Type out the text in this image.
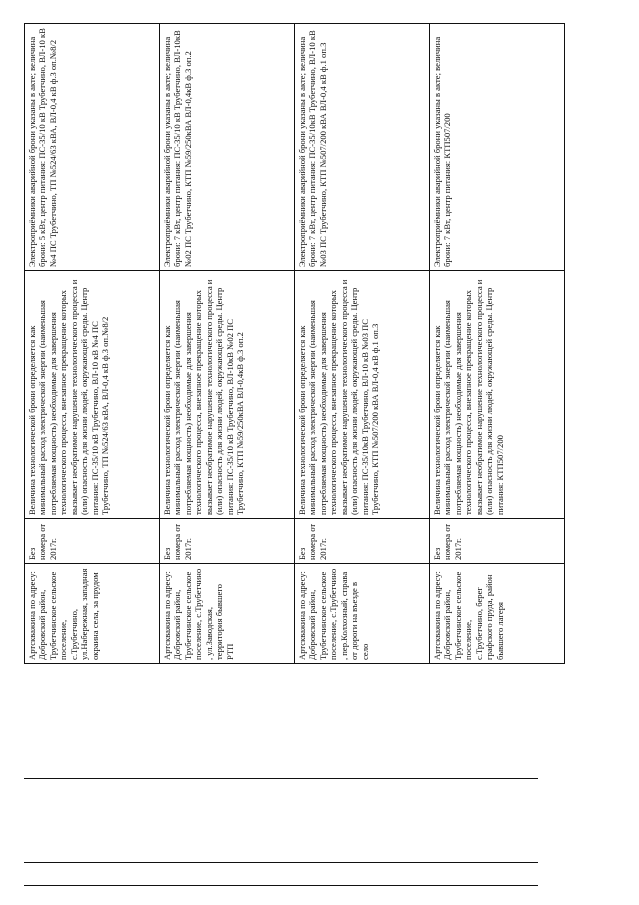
Артскважина по адресу: Добровский район, Трубетчинское сельское поселение, с.Трубетчино, ул.Набережная, западная окраина села, за прудом	Без номера от 2017г.	Величина технологической брони определяется как минимальный расход электрической энергии (наименьшая потребляемая мощность) необходимые для завершения технологического процесса, внезапное прекращение которых вызывает необратимое нарушение технологического процесса и (или) опасность для жизни людей, окружающей среды. Центр питания: ПС-35/10 кВ Трубетчино, ВЛ-10 кВ №4 ПС Трубетчино, ТП №524/63 кВА, ВЛ-0,4 кВ ф.3 оп.№8/2	Электроприёмники аварийной брони указаны в акте; величина брони: 5 кВт, центр питания: ПС-35/10 кВ Трубетчино, ВЛ-10 кВ №4 ПС Трубетчино, ТП №524/63 кВА, ВЛ-0,4 кВ ф.3 оп.№8/2
Артскважина по адресу: Добровский район, Трубетчинское сельское поселение, с.Трубетчино , ул.Заводская, территория бывшего РТП	Без номера от 2017г.	Величина технологической брони определяется как минимальный расход электрической энергии (наименьшая потребляемая мощность) необходимые для завершения технологического процесса, внезапное прекращение которых вызывает необратимое нарушение технологического процесса и (или) опасность для жизни людей, окружающей среды. Центр питания: ПС-35/10 кВ Трубетчино, ВЛ-10кВ №02 ПС Трубетчино, КТП №59/250кВА ВЛ-0,4кВ ф.3 оп.2	Электроприёмники аварийной брони указаны в акте; величина брони: 7 кВт, центр питания: ПС-35/10 кВ Трубетчино, ВЛ-10кВ №02 ПС Трубетчино, КТП №59/250кВА ВЛ-0,4кВ ф.3 оп.2
Артскважина по адресу: Добровский район, Трубетчинское сельское поселение, с.Трубетчино , пер.Колхозный, справа от дороги на въезде в село	Без номера от 2017г.	Величина технологической брони определяется как минимальный расход электрической энергии (наименьшая потребляемая мощность) необходимые для завершения технологического процесса, внезапное прекращение которых вызывает необратимое нарушение технологического процесса и (или) опасность для жизни людей, окружающей среды. Центр питания: ПС-35/10кВ Трубетчино, ВЛ-10 кВ №03 ПС Трубетчино, КТП №507/200 кВА ВЛ-0,4 кВ ф.1 оп.3	Электроприёмники аварийной брони указаны в акте; величина брони: 7 кВт, центр питания: ПС-35/10кВ Трубетчино, ВЛ-10 кВ №03 ПС Трубетчино, КТП №507/200 кВА ВЛ-0,4 кВ ф.1 оп.3
Артскважина по адресу: Добровский район, Трубетчинское сельское поселение, с.Трубетчино, берег графского пруда, район бывшего лагеря	Без номера от 2017г.	Величина технологической брони определяется как минимальный расход электрической энергии (наименьшая потребляемая мощность) необходимые для завершения технологического процесса, внезапное прекращение которых вызывает необратимое нарушение технологического процесса и (или) опасность для жизни людей, окружающей среды. Центр питания: КТП507/200	Электроприёмники аварийной брони указаны в акте; величина брони: 7 кВт, центр питания: КТП507/200
